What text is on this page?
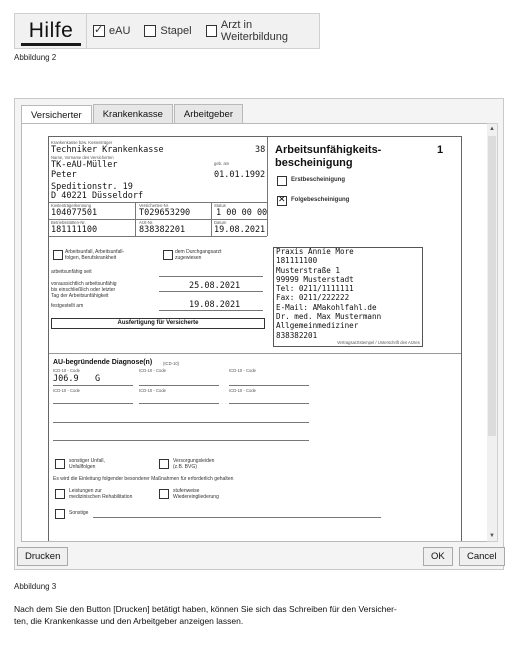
Hilfe
✓	eAU	Stapel	Arzt in Weiterbildung
Abbildung 2
Versicherter	Krankenkasse	Arbeitgeber
Krankenkasse bzw. Kostenträger
Techniker Krankenkasse	38
Name, Vorname des Versicherten
geb. am
TK-eAU-Müller
Peter	01.01.1992
Speditionstr. 19
D 40221 Düsseldorf
Kostenträgerkennung	Versicherten-Nr.	Status
104077501	T029653290	1 00 00 00
Betriebsstätten-Nr.	Arzt-Nr.	Datum
181111100	838382201	19.08.2021
Arbeitsunfähigkeits-
bescheinigung
1
Erstbescheinigung
✕
Folgebescheinigung
Arbeitsunfall, Arbeitsunfall-
folgen, Berufskrankheit
dem Durchgangsarzt
zugewiesen
arbeitsunfähig seit
voraussichtlich arbeitsunfähig
bis einschließlich oder letzter
Tag der Arbeitsunfähigkeit
25.08.2021
festgestellt am	19.08.2021
Ausfertigung für Versicherte
Praxis Annie More
181111100
Musterstraße 1
99999 Musterstadt
Tel: 0211/1111111
Fax: 0211/222222
E-Mail: AMakohlfahl.de
Dr. med. Max Mustermann
Allgemeinmediziner
838382201
Vertragsarztstempel / Unterschrift des Arztes
AU-begründende Diagnose(n)	(ICD-10)
ICD-10 - Code	ICD-10 - Code	ICD-10 - Code
J06.9 G
ICD-10 - Code	ICD-10 - Code	ICD-10 - Code
sonstiger Unfall,
Unfallfolgen
Versorgungsleiden
(z.B. BVG)
Es wird die Einleitung folgender besonderer Maßnahmen für erforderlich gehalten
Leistungen zur
medizinischen Rehabilitation
stufenweise
Wiedereingliederung
Sonstige
▲
▼
Drucken	OK	Cancel
Abbildung 3
Nach dem Sie den Button [Drucken] betätigt haben, können Sie sich das Schreiben für den Versicher-
ten, die Krankenkasse und den Arbeitgeber anzeigen lassen.
